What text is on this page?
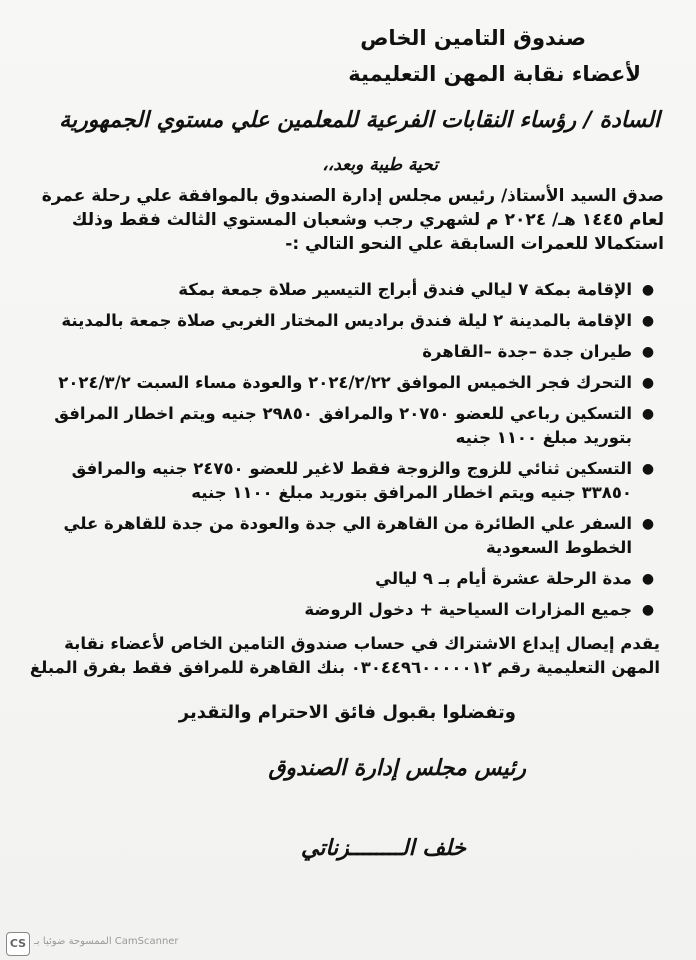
صندوق التامين الخاص
لأعضاء نقابة المهن التعليمية
السادة / رؤساء النقابات الفرعية للمعلمين علي مستوي الجمهورية
تحية طيبة وبعد،،
صدق السيد الأستاذ/ رئيس مجلس إدارة الصندوق بالموافقة علي رحلة عمرة لعام ١٤٤٥ هـ/ ٢٠٢٤ م لشهري رجب وشعبان المستوي الثالث فقط وذلك استكمالا للعمرات السابقة علي النحو التالي :-
●
الإقامة بمكة ٧ ليالي فندق أبراج التيسير صلاة جمعة بمكة
●
الإقامة بالمدينة ٢ ليلة فندق براديس المختار الغربي صلاة جمعة بالمدينة
●
طيران جدة –جدة –القاهرة
●
التحرك فجر الخميس الموافق ٢٠٢٤/٢/٢٢ والعودة مساء السبت ٢٠٢٤/٣/٢
●
التسكين رباعي للعضو ٢٠٧٥٠ والمرافق ٢٩٨٥٠ جنيه ويتم اخطار المرافق بتوريد مبلغ ١١٠٠ جنيه
●
التسكين ثنائي للزوج والزوجة فقط لاغير للعضو ٢٤٧٥٠ جنيه والمرافق ٣٣٨٥٠ جنيه ويتم اخطار المرافق بتوريد مبلغ ١١٠٠ جنيه
●
السفر علي الطائرة من القاهرة الي جدة والعودة من جدة للقاهرة علي الخطوط السعودية
●
مدة الرحلة عشرة أيام بـ ٩ ليالي
●
جميع المزارات السياحية + دخول الروضة
يقدم إيصال إيداع الاشتراك في حساب صندوق التامين الخاص لأعضاء نقابة المهن التعليمية رقم ٠٣٠٤٤٩٦٠٠٠٠٠١٢ بنك القاهرة للمرافق فقط بفرق المبلغ
وتفضلوا بقبول فائق الاحترام والتقدير
رئيس مجلس إدارة الصندوق
خلف الــــــــزناتي
CS CamScanner الممسوحة ضوئيا بـ
